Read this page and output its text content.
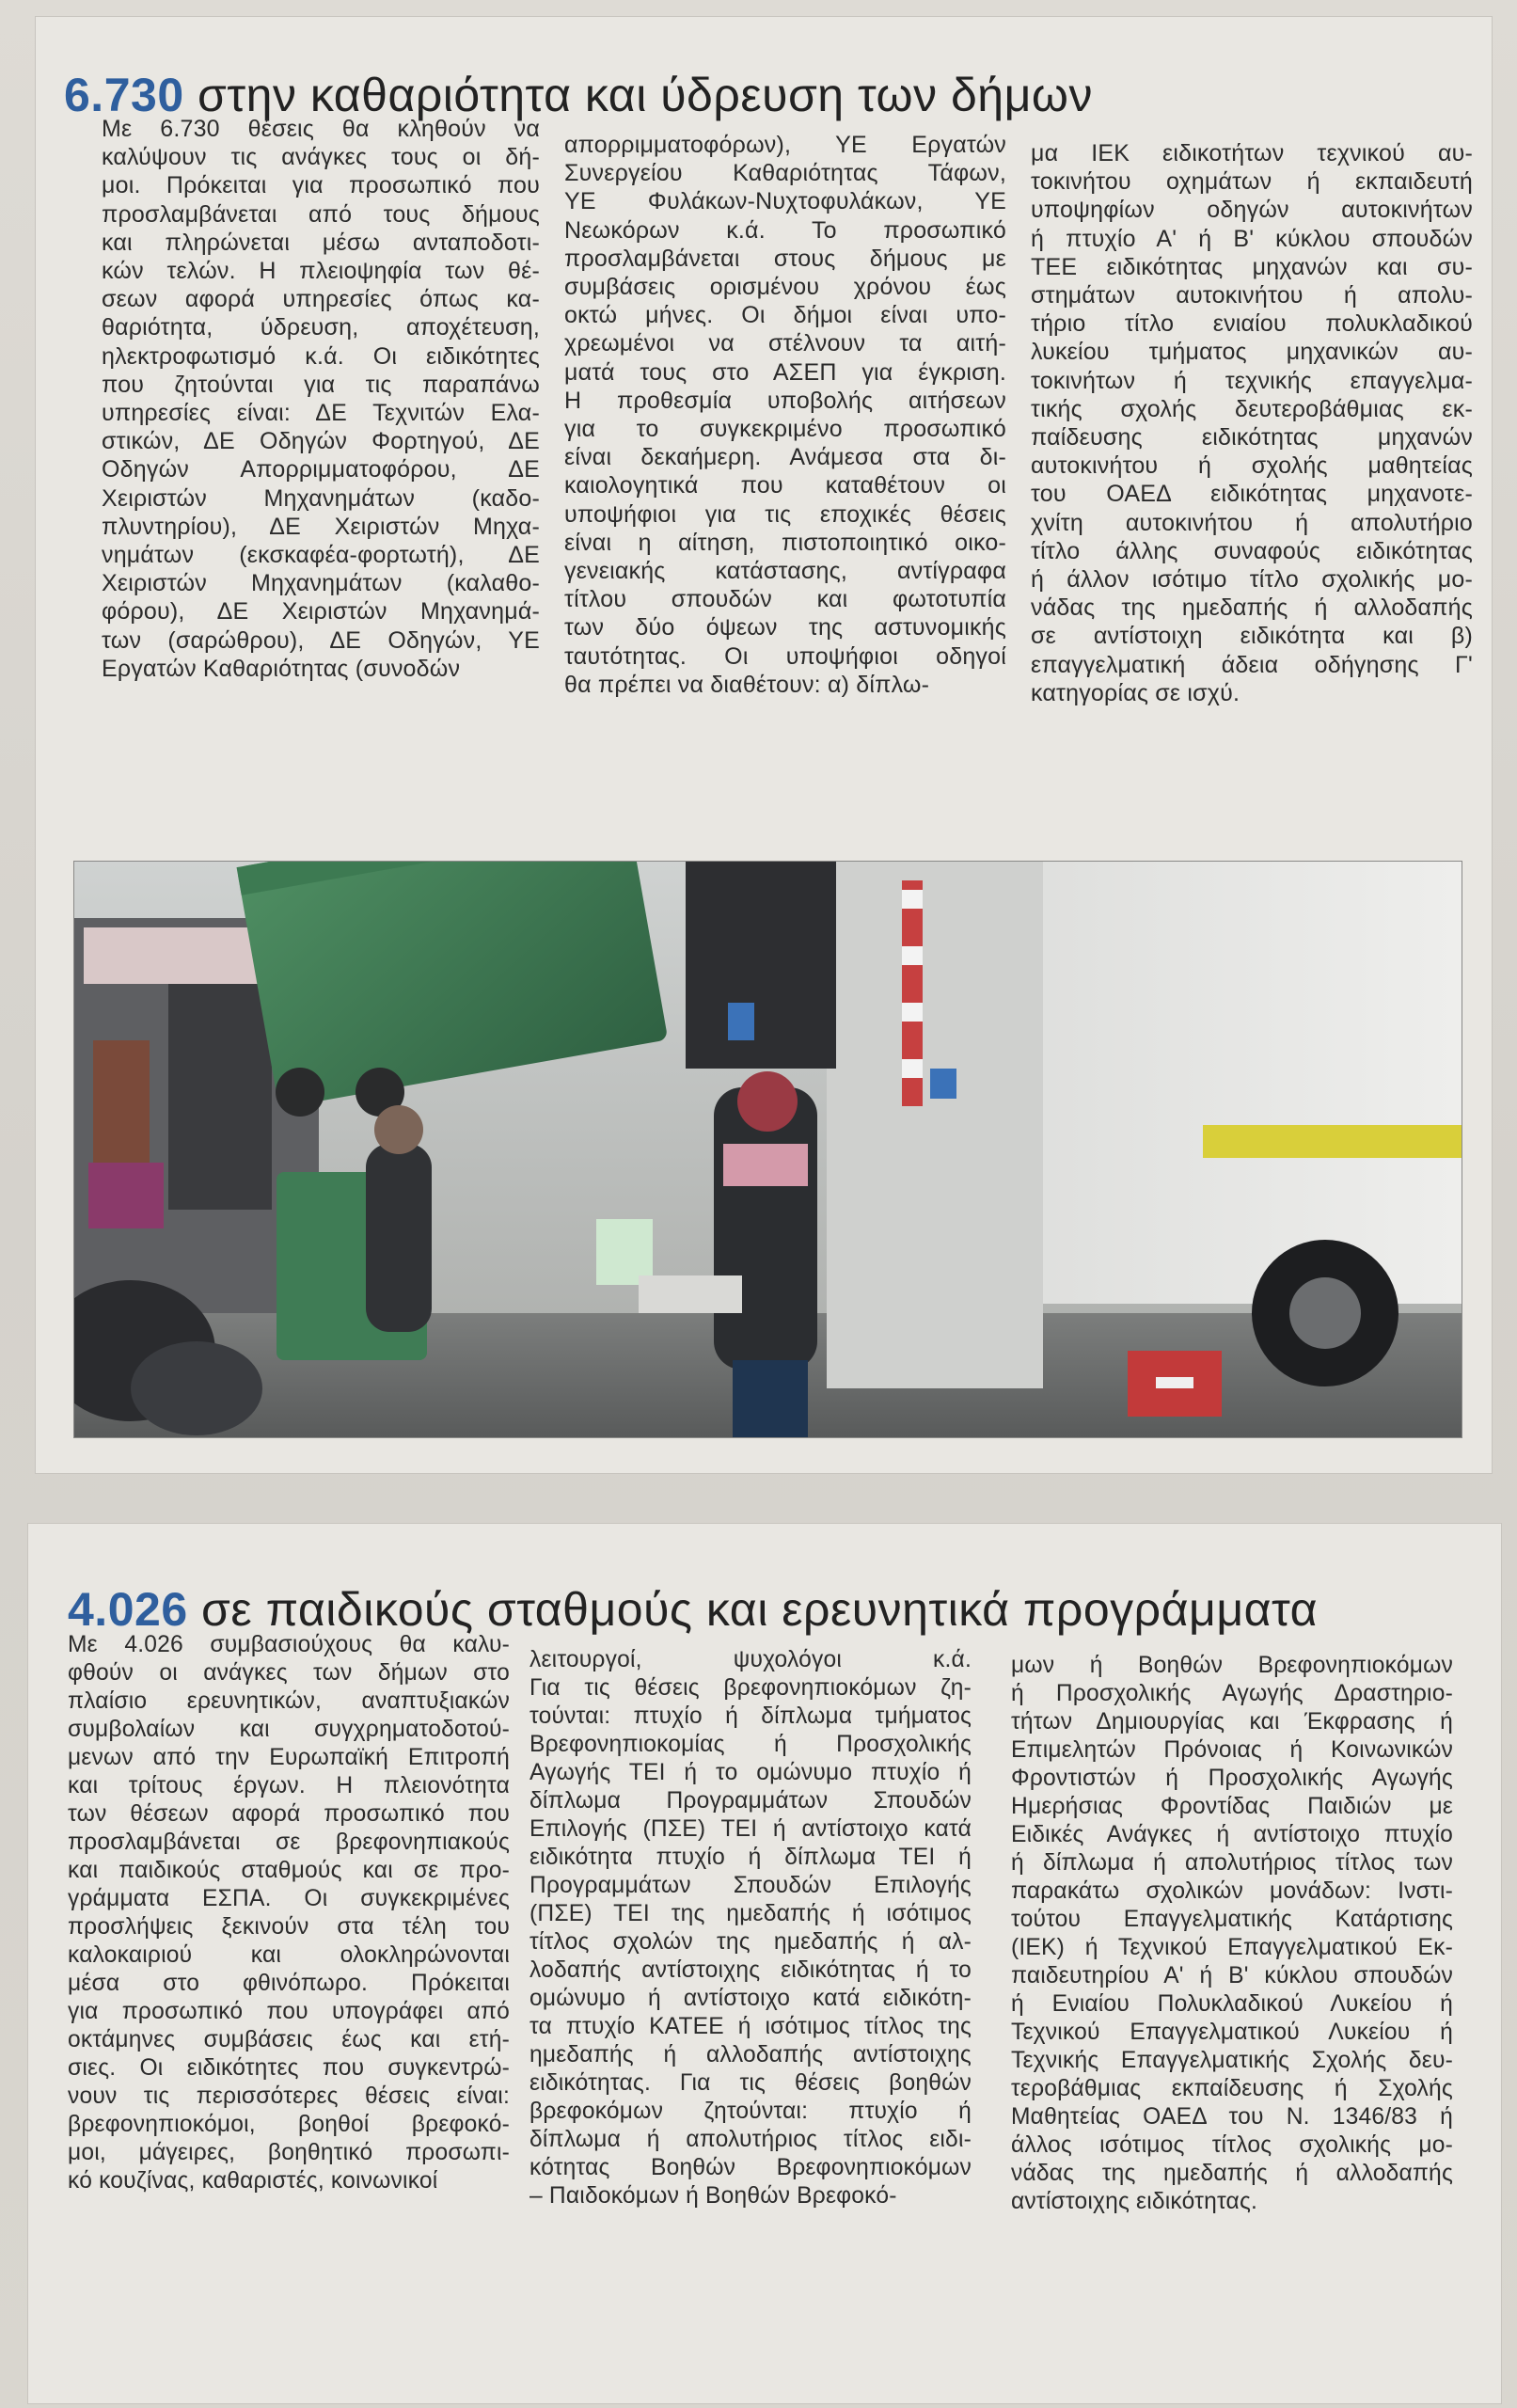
6.730 στην καθαριότητα και ύδρευση των δήμων
Με 6.730 θέσεις θα κληθούν να
καλύψουν τις ανάγκες τους οι δή-
μοι. Πρόκειται για προσωπικό που
προσλαμβάνεται από τους δήμους
και πληρώνεται μέσω ανταποδοτι-
κών τελών. Η πλειοψηφία των θέ-
σεων αφορά υπηρεσίες όπως κα-
θαριότητα, ύδρευση, αποχέτευση,
ηλεκτροφωτισμό κ.ά. Οι ειδικότητες
που ζητούνται για τις παραπάνω
υπηρεσίες είναι: ΔΕ Τεχνιτών Ελα-
στικών, ΔΕ Οδηγών Φορτηγού, ΔΕ
Οδηγών Απορριμματοφόρου, ΔΕ
Χειριστών Μηχανημάτων (καδο-
πλυντηρίου), ΔΕ Χειριστών Μηχα-
νημάτων (εκσκαφέα-φορτωτή), ΔΕ
Χειριστών Μηχανημάτων (καλαθο-
φόρου), ΔΕ Χειριστών Μηχανημά-
των (σαρώθρου), ΔΕ Οδηγών, ΥΕ
Εργατών Καθαριότητας (συνοδών
απορριμματοφόρων), ΥΕ Εργατών
Συνεργείου Καθαριότητας Τάφων,
ΥΕ Φυλάκων-Νυχτοφυλάκων, ΥΕ
Νεωκόρων κ.ά. Το προσωπικό
προσλαμβάνεται στους δήμους με
συμβάσεις ορισμένου χρόνου έως
οκτώ μήνες. Οι δήμοι είναι υπο-
χρεωμένοι να στέλνουν τα αιτή-
ματά τους στο ΑΣΕΠ για έγκριση.
Η προθεσμία υποβολής αιτήσεων
για το συγκεκριμένο προσωπικό
είναι δεκαήμερη. Ανάμεσα στα δι-
καιολογητικά που καταθέτουν οι
υποψήφιοι για τις εποχικές θέσεις
είναι η αίτηση, πιστοποιητικό οικο-
γενειακής κατάστασης, αντίγραφα
τίτλου σπουδών και φωτοτυπία
των δύο όψεων της αστυνομικής
ταυτότητας. Οι υποψήφιοι οδηγοί
θα πρέπει να διαθέτουν: α) δίπλω-
μα ΙΕΚ ειδικοτήτων τεχνικού αυ-
τοκινήτου οχημάτων ή εκπαιδευτή
υποψηφίων οδηγών αυτοκινήτων
ή πτυχίο Α' ή Β' κύκλου σπουδών
ΤΕΕ ειδικότητας μηχανών και συ-
στημάτων αυτοκινήτου ή απολυ-
τήριο τίτλο ενιαίου πολυκλαδικού
λυκείου τμήματος μηχανικών αυ-
τοκινήτων ή τεχνικής επαγγελμα-
τικής σχολής δευτεροβάθμιας εκ-
παίδευσης ειδικότητας μηχανών
αυτοκινήτου ή σχολής μαθητείας
του ΟΑΕΔ ειδικότητας μηχανοτε-
χνίτη αυτοκινήτου ή απολυτήριο
τίτλο άλλης συναφούς ειδικότητας
ή άλλον ισότιμο τίτλο σχολικής μο-
νάδας της ημεδαπής ή αλλοδαπής
σε αντίστοιχη ειδικότητα και β)
επαγγελματική άδεια οδήγησης Γ'
κατηγορίας σε ισχύ.
4.026 σε παιδικούς σταθμούς και ερευνητικά προγράμματα
Με 4.026 συμβασιούχους θα καλυ-
φθούν οι ανάγκες των δήμων στο
πλαίσιο ερευνητικών, αναπτυξιακών
συμβολαίων και συγχρηματοδοτού-
μενων από την Ευρωπαϊκή Επιτροπή
και τρίτους έργων. Η πλειονότητα
των θέσεων αφορά προσωπικό που
προσλαμβάνεται σε βρεφονηπιακούς
και παιδικούς σταθμούς και σε προ-
γράμματα ΕΣΠΑ. Οι συγκεκριμένες
προσλήψεις ξεκινούν στα τέλη του
καλοκαιριού και ολοκληρώνονται
μέσα στο φθινόπωρο. Πρόκειται
για προσωπικό που υπογράφει από
οκτάμηνες συμβάσεις έως και ετή-
σιες. Οι ειδικότητες που συγκεντρώ-
νουν τις περισσότερες θέσεις είναι:
βρεφονηπιοκόμοι, βοηθοί βρεφοκό-
μοι, μάγειρες, βοηθητικό προσωπι-
κό κουζίνας, καθαριστές, κοινωνικοί
λειτουργοί, ψυχολόγοι κ.ά.
Για τις θέσεις βρεφονηπιοκόμων ζη-
τούνται: πτυχίο ή δίπλωμα τμήματος
Βρεφονηπιοκομίας ή Προσχολικής
Αγωγής ΤΕΙ ή το ομώνυμο πτυχίο ή
δίπλωμα Προγραμμάτων Σπουδών
Επιλογής (ΠΣΕ) ΤΕΙ ή αντίστοιχο κατά
ειδικότητα πτυχίο ή δίπλωμα ΤΕΙ ή
Προγραμμάτων Σπουδών Επιλογής
(ΠΣΕ) ΤΕΙ της ημεδαπής ή ισότιμος
τίτλος σχολών της ημεδαπής ή αλ-
λοδαπής αντίστοιχης ειδικότητας ή το
ομώνυμο ή αντίστοιχο κατά ειδικότη-
τα πτυχίο ΚΑΤΕΕ ή ισότιμος τίτλος της
ημεδαπής ή αλλοδαπής αντίστοιχης
ειδικότητας. Για τις θέσεις βοηθών
βρεφοκόμων ζητούνται: πτυχίο ή
δίπλωμα ή απολυτήριος τίτλος ειδι-
κότητας Βοηθών Βρεφονηπιοκόμων
– Παιδοκόμων ή Βοηθών Βρεφοκό-
μων ή Βοηθών Βρεφονηπιοκόμων
ή Προσχολικής Αγωγής Δραστηριο-
τήτων Δημιουργίας και Έκφρασης ή
Επιμελητών Πρόνοιας ή Κοινωνικών
Φροντιστών ή Προσχολικής Αγωγής
Ημερήσιας Φροντίδας Παιδιών με
Ειδικές Ανάγκες ή αντίστοιχο πτυχίο
ή δίπλωμα ή απολυτήριος τίτλος των
παρακάτω σχολικών μονάδων: Ινστι-
τούτου Επαγγελματικής Κατάρτισης
(ΙΕΚ) ή Τεχνικού Επαγγελματικού Εκ-
παιδευτηρίου Α' ή Β' κύκλου σπουδών
ή Ενιαίου Πολυκλαδικού Λυκείου ή
Τεχνικού Επαγγελματικού Λυκείου ή
Τεχνικής Επαγγελματικής Σχολής δευ-
τεροβάθμιας εκπαίδευσης ή Σχολής
Μαθητείας ΟΑΕΔ του Ν. 1346/83 ή
άλλος ισότιμος τίτλος σχολικής μο-
νάδας της ημεδαπής ή αλλοδαπής
αντίστοιχης ειδικότητας.
